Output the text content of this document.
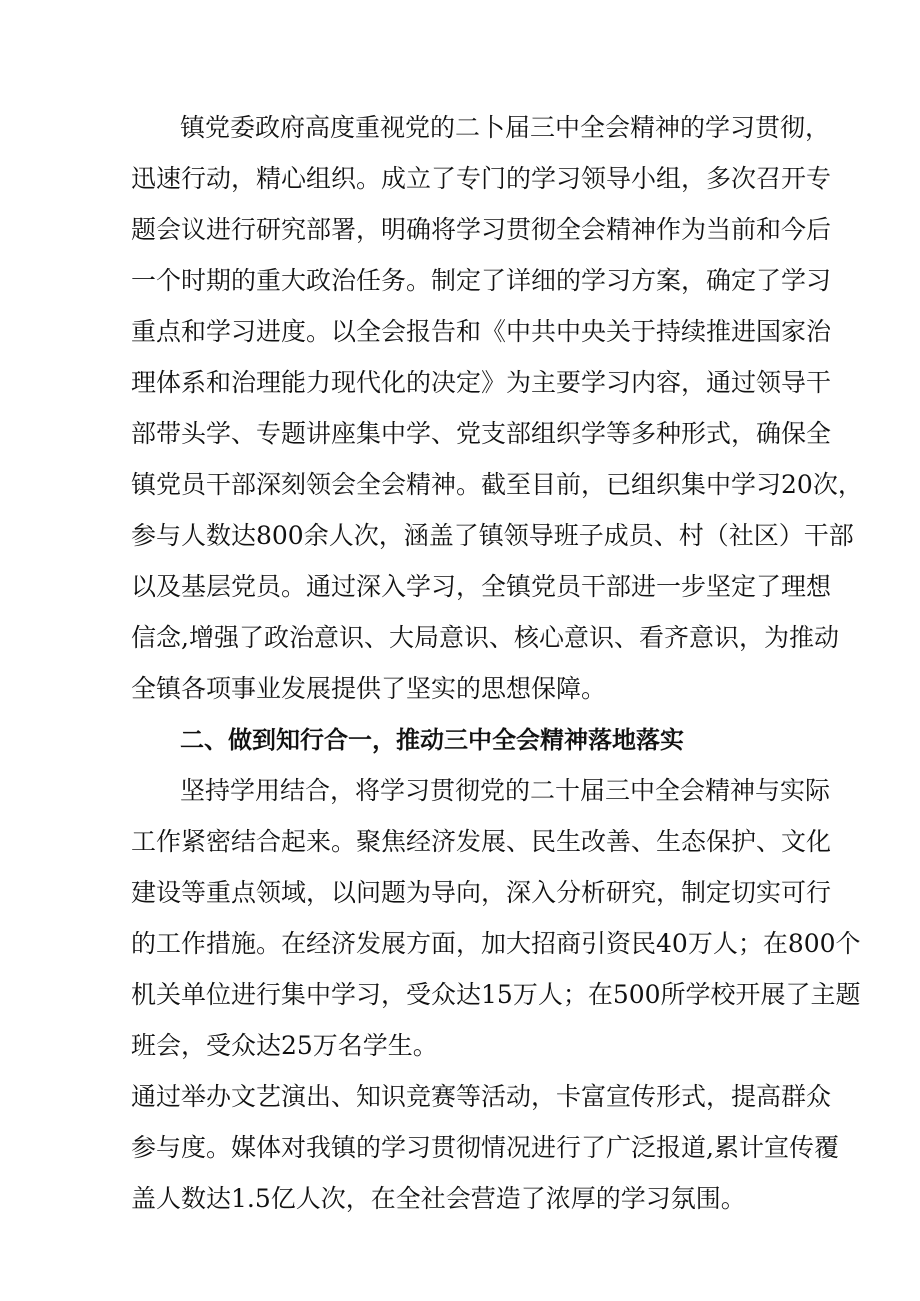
镇党委政府高度重视党的二卜届三中全会精神的学习贯彻，
迅速行动，精心组织。成立了专门的学习领导小组，多次召开专
题会议进行研究部署，明确将学习贯彻全会精神作为当前和今后
一个时期的重大政治任务。制定了详细的学习方案，确定了学习
重点和学习进度。以全会报告和《中共中央关于持续推进国家治
理体系和治理能力现代化的决定》为主要学习内容，通过领导干
部带头学、专题讲座集中学、党支部组织学等多种形式，确保全
镇党员干部深刻领会全会精神。截至目前，已组织集中学习20次，
参与人数达800余人次，涵盖了镇领导班子成员、村（社区）干部
以及基层党员。通过深入学习，全镇党员干部进一步坚定了理想
信念,增强了政治意识、大局意识、核心意识、看齐意识，为推动
全镇各项事业发展提供了坚实的思想保障。
二、做到知行合一，推动三中全会精神落地落实
坚持学用结合，将学习贯彻党的二十届三中全会精神与实际
工作紧密结合起来。聚焦经济发展、民生改善、生态保护、文化
建设等重点领域，以问题为导向，深入分析研究，制定切实可行
的工作措施。在经济发展方面，加大招商引资民40万人；在800个
机关单位进行集中学习，受众达15万人；在500所学校开展了主题
班会，受众达25万名学生。
通过举办文艺演出、知识竞赛等活动，卡富宣传形式，提高群众
参与度。媒体对我镇的学习贯彻情况进行了广泛报道,累计宣传覆
盖人数达1.5亿人次，在全社会营造了浓厚的学习氛围。
